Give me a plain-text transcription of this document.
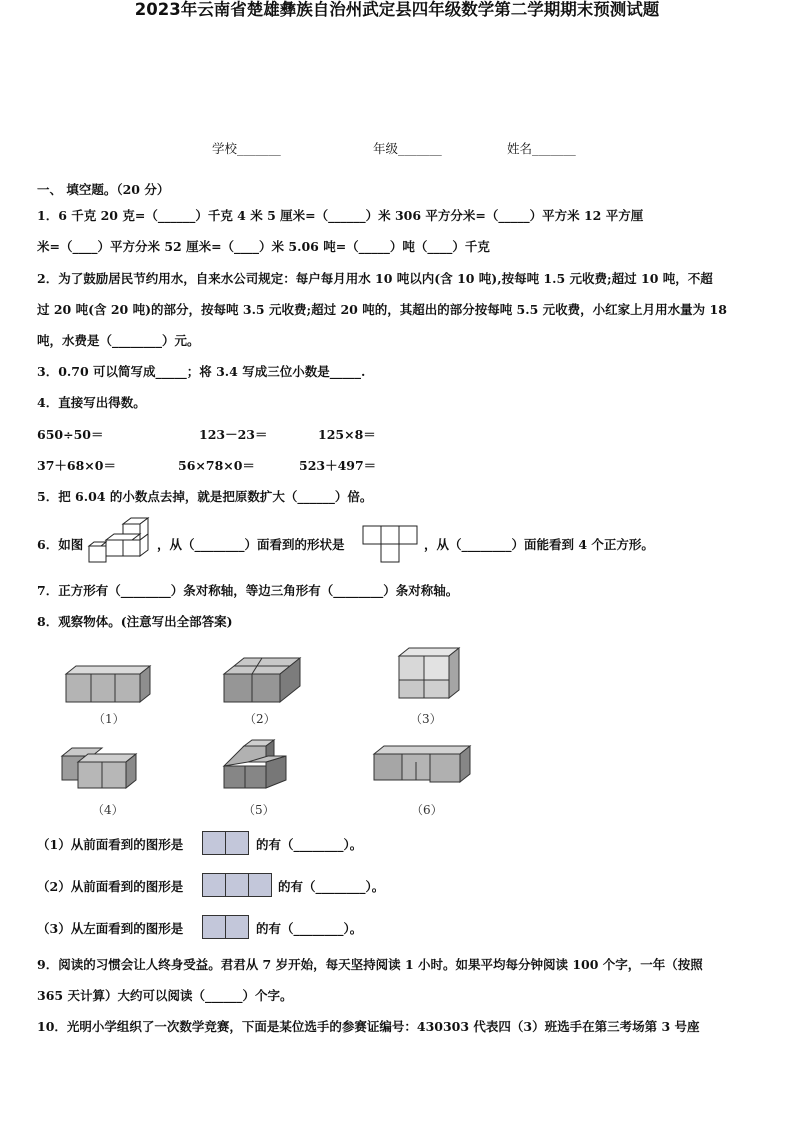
2023年云南省楚雄彝族自治州武定县四年级数学第二学期期末预测试题
学校_______	年级_______	姓名_______
一、 填空题。（20 分）
1．6 千克 20 克=（______）千克 4 米 5 厘米=（______）米 306 平方分米=（_____）平方米 12 平方厘
米=（____）平方分米 52 厘米=（____）米 5.06 吨=（_____）吨（____）千克
2．为了鼓励居民节约用水，自来水公司规定：每户每月用水 10 吨以内(含 10 吨),按每吨 1.5 元收费;超过 10 吨，不超
过 20 吨(含 20 吨)的部分，按每吨 3.5 元收费;超过 20 吨的，其超出的部分按每吨 5.5 元收费，小红家上月用水量为 18
吨，水费是（________）元。
3．0.70 可以简写成_____；将 3.4 写成三位小数是_____.
4．直接写出得数。
650÷50＝	123－23＝	125×8＝
37＋68×0＝	56×78×0＝	523＋497＝
5．把 6.04 的小数点去掉，就是把原数扩大（______）倍。
6．如图	，从（________）面看到的形状是	，从（________）面能看到 4 个正方形。
7．正方形有（________）条对称轴，等边三角形有（________）条对称轴。
8．观察物体。(注意写出全部答案)
（1）	（2）	（3）
（4）	（5）	（6）
（1）从前面看到的图形是	的有（________）。
（2）从前面看到的图形是	的有（________）。
（3）从左面看到的图形是	的有（________）。
9．阅读的习惯会让人终身受益。君君从 7 岁开始，每天坚持阅读 1 小时。如果平均每分钟阅读 100 个字，一年（按照
365 天计算）大约可以阅读（______）个字。
10．光明小学组织了一次数学竞赛，下面是某位选手的参赛证编号：430303 代表四（3）班选手在第三考场第 3 号座
